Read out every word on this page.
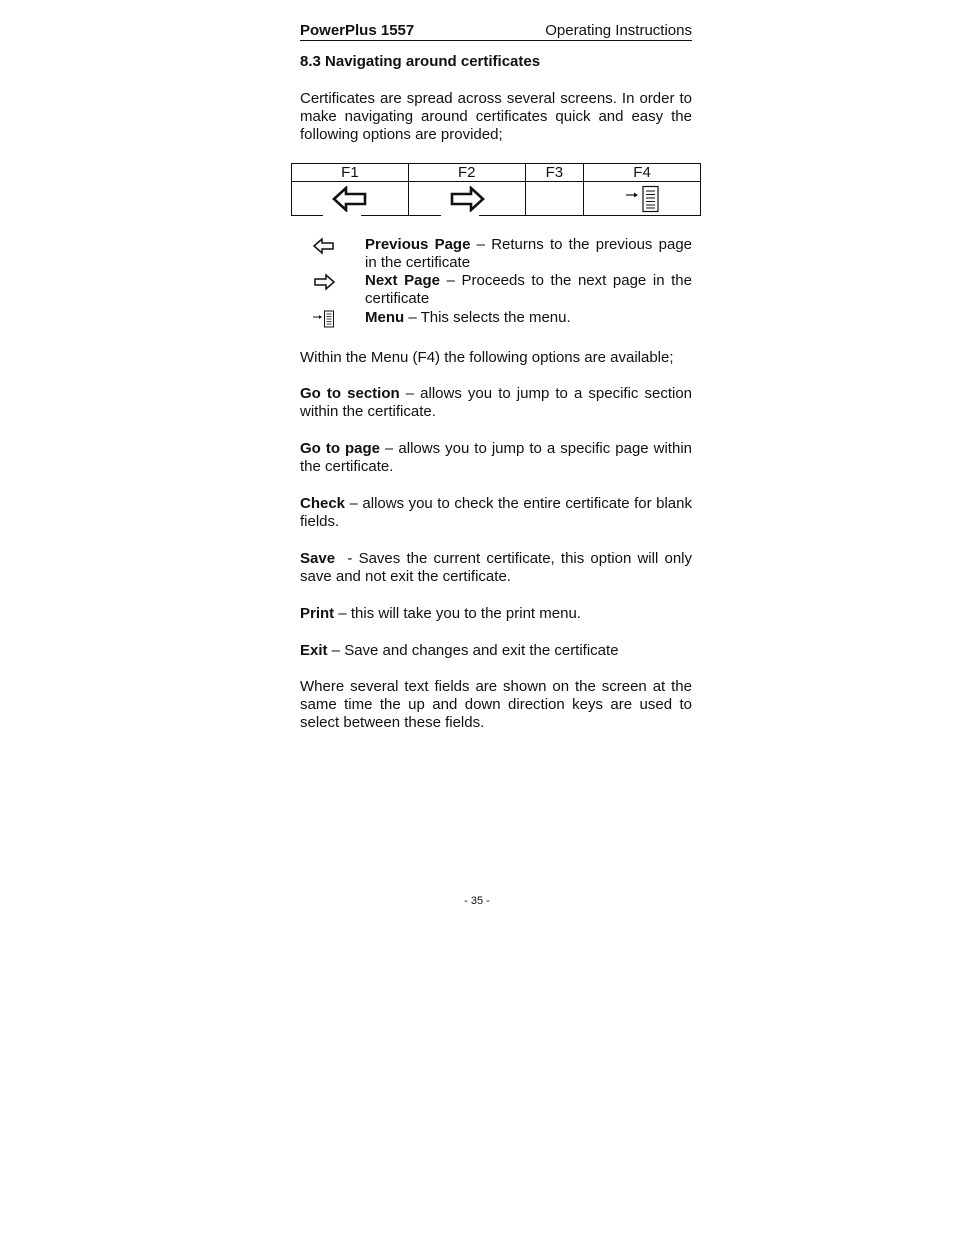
PowerPlus 1557	Operating Instructions
8.3 Navigating around certificates
Certificates are spread across several screens. In order to make navigating around certificates quick and easy the following options are provided;
F1	F2	F3	F4

Previous Page – Returns to the previous page in the certificate
Next Page – Proceeds to the next page in the certificate
Menu – This selects the menu.
Within the Menu (F4) the following options are available;
Go to section – allows you to jump to a specific section within the certificate.
Go to page – allows you to jump to a specific page within the certificate.
Check – allows you to check the entire certificate for blank fields.
Save  - Saves the current certificate, this option will only save and not exit the certificate.
Print – this will take you to the print menu.
Exit – Save and changes and exit the certificate
Where several text fields are shown on the screen at the same time the up and down direction keys are used to select between these fields.
- 35 -
